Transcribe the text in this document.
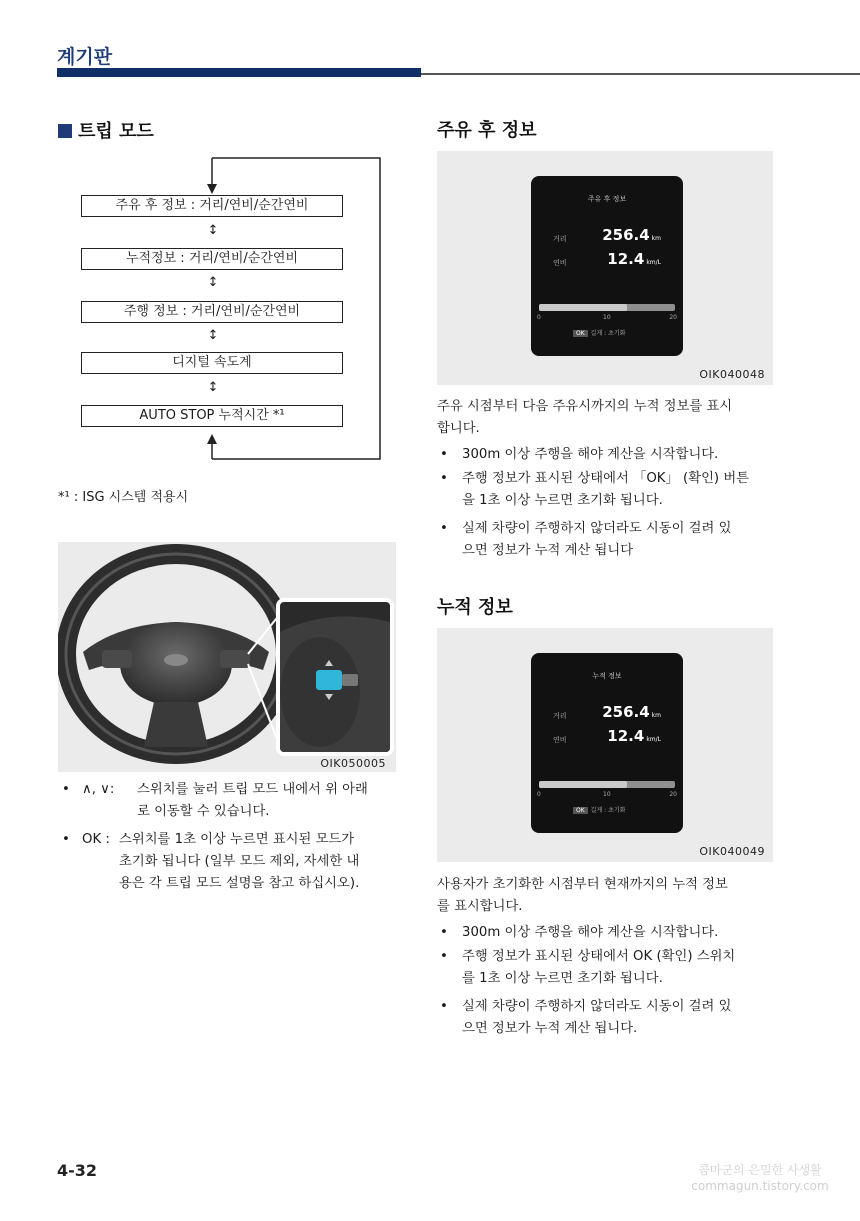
계기판
트립 모드
주유 후 정보 : 거리/연비/순간연비
↕
누적정보 : 거리/연비/순간연비
↕
주행 정보 : 거리/연비/순간연비
↕
디지털 속도계
↕
AUTO STOP 누적시간 *¹
*¹ : ISG 시스템 적용시
OIK050005
• ∧, ∨: 스위치를 눌러 트립 모드 내에서 위 아래
로 이동할 수 있습니다.
• OK : 스위치를 1초 이상 누르면 표시된 모드가
초기화 됩니다 (일부 모드 제외, 자세한 내
용은 각 트립 모드 설명을 참고 하십시오).
주유 후 정보
주유 후 정보
거리 256.4 km
연비	12.4 km/L
0	10	20
OK 길게 : 초기화
OIK040048
주유 시점부터 다음 주유시까지의 누적 정보를 표시
합니다.
• 300m 이상 주행을 해야 계산을 시작합니다.
• 주행 정보가 표시된 상태에서 「OK」 (확인) 버튼
을 1초 이상 누르면 초기화 됩니다.
• 실제 차량이 주행하지 않더라도 시동이 걸려 있
으면 정보가 누적 계산 됩니다
누적 정보
누적 정보
거리 256.4 km
연비	12.4 km/L
0	10	20
OK 길게 : 초기화
OIK040049
사용자가 초기화한 시점부터 현재까지의 누적 정보
를 표시합니다.
• 300m 이상 주행을 해야 계산을 시작합니다.
• 주행 정보가 표시된 상태에서 OK (확인) 스위치
를 1초 이상 누르면 초기화 됩니다.
• 실제 차량이 주행하지 않더라도 시동이 걸려 있
으면 정보가 누적 계산 됩니다.
4-32	콤마군의 은밀한 사생활
commagun.tistory.com
